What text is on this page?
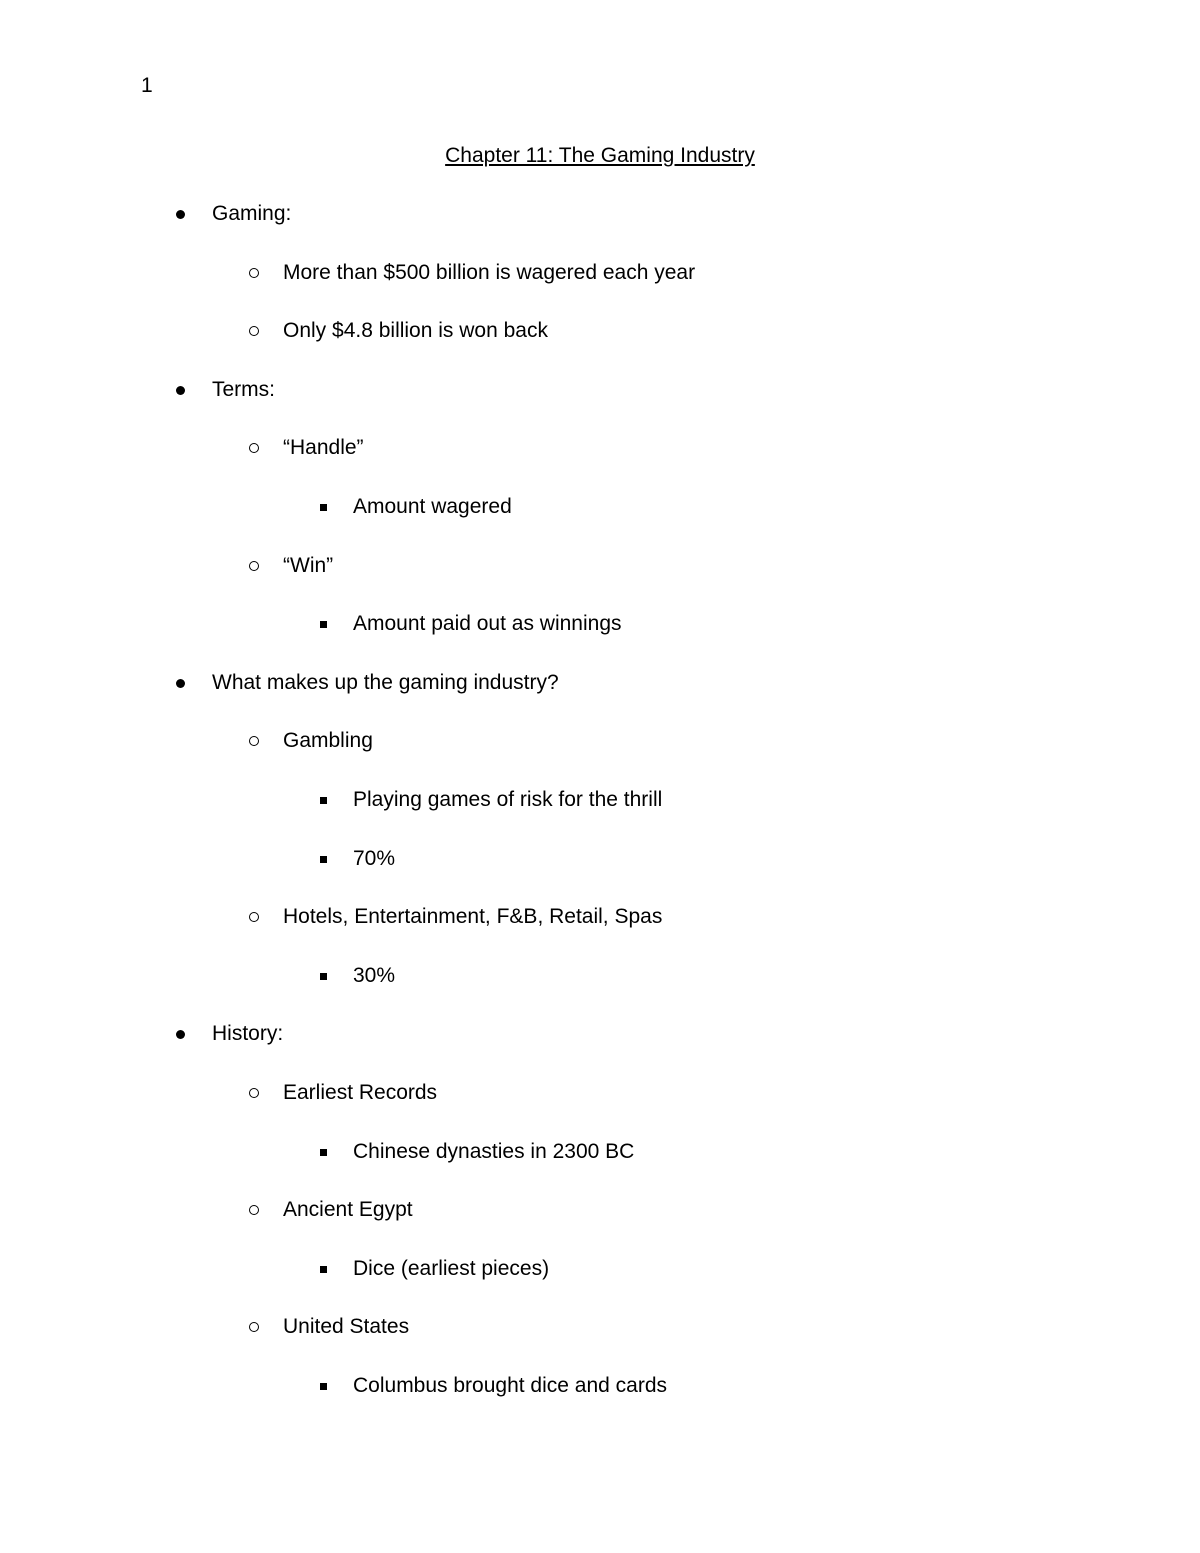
1
Chapter 11: The Gaming Industry
Gaming:
More than $500 billion is wagered each year
Only $4.8 billion is won back
Terms:
“Handle”
Amount wagered
“Win”
Amount paid out as winnings
What makes up the gaming industry?
Gambling
Playing games of risk for the thrill
70%
Hotels, Entertainment, F&B, Retail, Spas
30%
History:
Earliest Records
Chinese dynasties in 2300 BC
Ancient Egypt
Dice (earliest pieces)
United States
Columbus brought dice and cards
